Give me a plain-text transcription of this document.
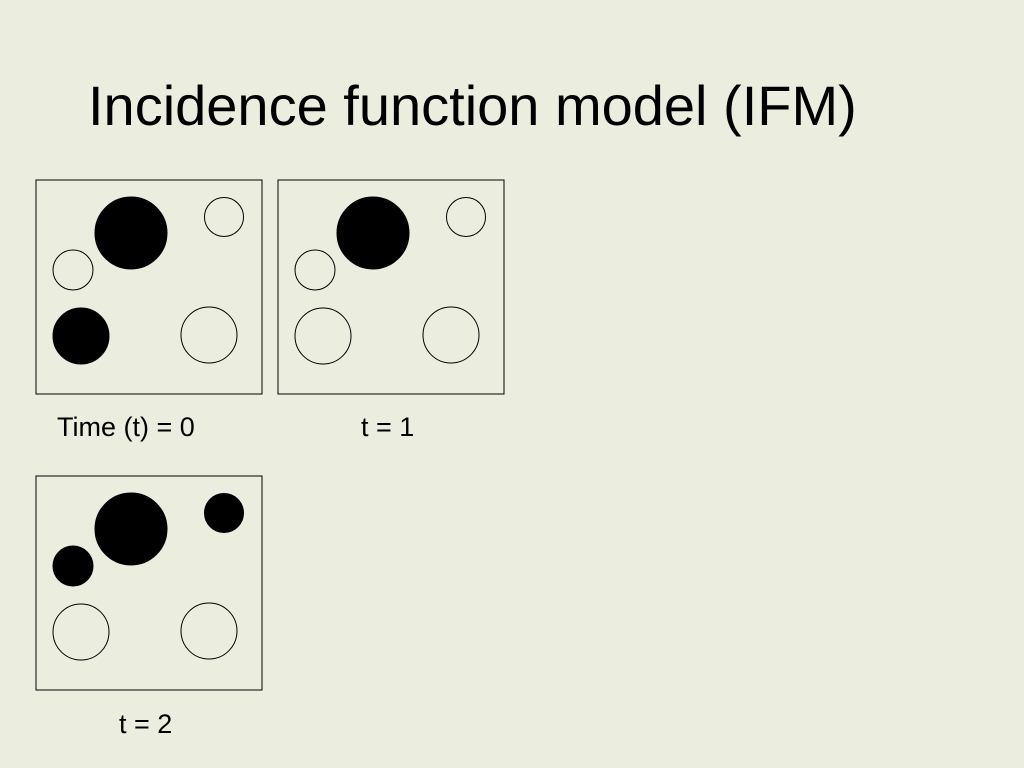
Incidence function model (IFM)
Time (t) = 0	t = 1
t = 2
